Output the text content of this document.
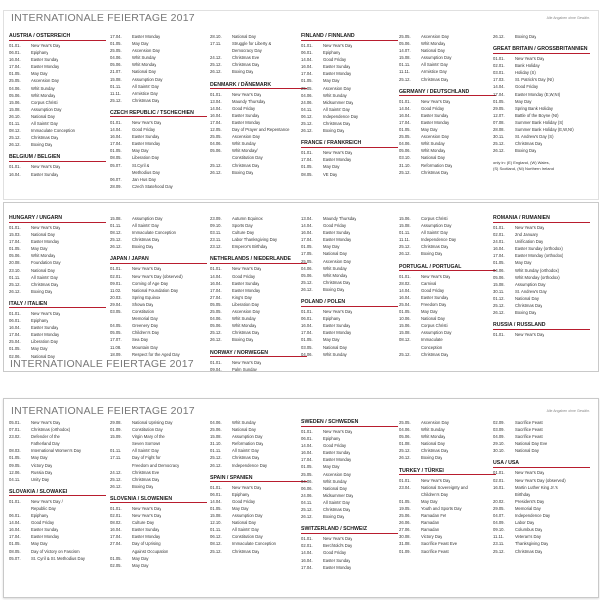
INTERNATIONALE FEIERTAGE 2017	Alle Angaben ohne Gewähr.
AUSTRIA / ÖSTERREICH
01.01.	New Year's Day
06.01.	Epiphany
16.04.	Easter Sunday
17.04.	Easter Monday
01.05.	May Day
25.05.	Ascension Day
04.06.	Whit Sunday
05.06.	Whit Monday
15.06.	Corpus Christi
15.08.	Assumption Day
26.10.	National Day
01.11.	All Saints' Day
08.12.	Immaculate Conception
25.12.	Christmas Day
26.12.	Boxing Day
BELGIUM / BELGIEN
01.01.	New Year's Day
16.04.	Easter Sunday
17.04.	Easter Monday
01.05.	May Day
25.05.	Ascension Day
04.06.	Whit Sunday
05.06.	Whit Monday
21.07.	National Day
15.08.	Assumption Day
01.11.	All Saints' Day
11.11.	Armistice Day
25.12.	Christmas Day
CZECH REPUBLIC / TSCHECHIEN
01.01.	New Year's Day
14.04.	Good Friday
16.04.	Easter Sunday
17.04.	Easter Monday
01.05.	May Day
08.05.	Liberation Day
05.07.	St.Cyril &
Methodius Day
06.07.	Jan Hus Day
28.09.	Czech Statehood Day
28.10.	National Day
17.11.	Struggle for Liberty &
Democracy Day
24.12.	Christmas Eve
25.12.	Christmas Day
26.12.	Boxing Day
DENMARK / DÄNEMARK
01.01.	New Year's Day
13.04.	Maundy Thursday
14.04.	Good Friday
16.04.	Easter Sunday
17.04.	Easter Monday
12.05.	Day of Prayer and Repentance
25.05.	Ascension Day
04.06.	Whit Sunday
05.06.	Whit Monday/
Constitution Day
25.12.	Christmas Day
26.12.	Boxing Day
FINLAND / FINNLAND
01.01.	New Year's Day
06.01.	Epiphany
14.04.	Good Friday
16.04.	Easter Sunday
17.04.	Easter Monday
01.05.	May Day
25.05.	Ascension Day
04.06.	Whit Sunday
24.06.	Midsummer Day
04.11.	All Saints' Day
06.12.	Independence Day
25.12.	Christmas Day
26.12.	Boxing Day
FRANCE / FRANKREICH
01.01.	New Year's Day
17.04.	Easter Monday
01.05.	May Day
08.05.	VE Day
25.05.	Ascension Day
05.06.	Whit Monday
14.07.	National Day
15.08.	Assumption Day
01.11.	All Saints' Day
11.11.	Armistice Day
25.12.	Christmas Day
GERMANY / DEUTSCHLAND
01.01.	New Year's Day
14.04.	Good Friday
16.04.	Easter Sunday
17.04.	Easter Monday
01.05.	May Day
25.05.	Ascension Day
04.06.	Whit Sunday
05.06.	Whit Monday
03.10.	National Day
31.10.	Reformation Day
25.12.	Christmas Day
26.12.	Boxing Day
GREAT BRITAIN / GROSSBRITANNIEN
01.01.	New Year's Day
02.01.	Bank Holiday
03.01.	Holiday (S)
17.03.	St. Patrick's Day (NI)
14.04.	Good Friday
17.04.	Easter Monday (E,W,NI)
01.05.	May Day
29.05.	Spring Bank Holiday
12.07.	Battle of the Boyne (NI)
07.08.	Summer Bank Holiday (S)
28.08.	Summer Bank Holiday (E,W,NI)
30.11.	St. Andrew's Day (S)
25.12.	Christmas Day
26.12.	Boxing Day
only in: (E) England, (W) Wales,
(S) Scotland, (NI) Northern Ireland
HUNGARY / UNGARN
01.01.	New Year's Day
15.03.	National Day
17.04.	Easter Monday
01.05.	May Day
05.06.	Whit Monday
20.08.	Foundation Day
23.10.	National Day
01.11.	All Saints' Day
25.12.	Christmas Day
26.12.	Boxing Day
ITALY / ITALIEN
01.01.	New Year's Day
06.01.	Epiphany
16.04.	Easter Sunday
17.04.	Easter Monday
25.04.	Liberation Day
01.05.	May Day
02.06.	National Day
15.08.	Assumption Day
01.11.	All Saints' Day
08.12.	Immaculate Conception
25.12.	Christmas Day
26.12.	Boxing Day
JAPAN / JAPAN
01.01.	New Year's Day
02.01.	New Year's Day (observed)
09.01.	Coming of Age Day
11.02.	National Foundation Day
20.03.	Spring Equinox
29.04.	Showa Day
03.05.	Constitution
Memorial Day
04.05.	Greenery Day
05.05.	Children's Day
17.07.	Sea Day
11.08.	Mountain Day
18.09.	Respect for the Aged Day
23.09.	Autumn Equinox
09.10.	Sports Day
03.11.	Culture Day
23.11.	Labor Thanksgiving Day
23.12.	Emperor's Birthday
NETHERLANDS / NIEDERLANDE
01.01.	New Year's Day
14.04.	Good Friday
16.04.	Easter Sunday
17.04.	Easter Monday
27.04.	King's Day
05.05.	Liberation Day
25.05.	Ascension Day
04.06.	Whit Sunday
05.06.	Whit Monday
25.12.	Christmas Day
26.12.	Boxing Day
NORWAY / NORWEGEN
01.01.	New Year's Day
09.04.	Palm Sunday
13.04.	Maundy Thursday
14.04.	Good Friday
16.04.	Easter Sunday
17.04.	Easter Monday
01.05.	May Day
17.05.	National Day
25.05.	Ascension Day
04.06.	Whit Sunday
05.06.	Whit Monday
25.12.	Christmas Day
26.12.	Boxing Day
POLAND / POLEN
01.01.	New Year's Day
06.01.	Epiphany
16.04.	Easter Sunday
17.04.	Easter Monday
01.05.	May Day
03.05.	National Day
04.06.	Whit Sunday
15.06.	Corpus Christi
15.08.	Assumption Day
01.11.	All Saints' Day
11.11.	Independence Day
25.12.	Christmas Day
26.12.	Boxing Day
PORTUGAL / PORTUGAL
01.01.	New Year's Day
28.02.	Carnival
14.04.	Good Friday
16.04.	Easter Sunday
25.04.	Freedom Day
01.05.	May Day
10.06.	National Day
15.06.	Corpus Christi
15.08.	Assumption Day
08.12.	Immaculate
Conception
25.12.	Christmas Day
ROMANIA / RUMÄNIEN
01.01.	New Year's Day
02.01.	2nd January
24.01.	Unification Day
16.04.	Easter Sunday (orthodox)
17.04.	Easter Monday (orthodox)
01.05.	May Day
04.06.	Whit Sunday (orthodox)
05.06.	Whit Monday (orthodox)
15.08.	Assumption Day
30.11.	St. Andrew's Day
01.12.	National Day
25.12.	Christmas Day
26.12.	Boxing Day
RUSSIA / RUSSLAND
01.01.	New Year's Day
INTERNATIONALE FEIERTAGE 2017
INTERNATIONALE FEIERTAGE 2017	Alle Angaben ohne Gewähr.
05.01.	New Year's Day
07.01.	Christmas (orthodox)
23.02.	Defender of the
Fatherland Day
08.03.	International Women's Day
01.05.	May Day
09.05.	Victory Day
12.06.	Russia Day
04.11.	Unity Day
SLOVAKIA / SLOWAKEI
01.01.	New Year's Day /
Republic Day
06.01.	Epiphany
14.04.	Good Friday
16.04.	Easter Sunday
17.04.	Easter Monday
01.05.	May Day
08.05.	Day of Victory on Fascism
05.07.	St. Cyril & St. Methodius Day
29.08.	National Uprising Day
01.09.	Constitution Day
15.09.	Virgin Mary of the
Seven Sorrows
01.11.	All Saints' Day
17.11.	Day of Fight for
Freedom and Democracy
24.12.	Christmas Eve
25.12.	Christmas Day
26.12.	Boxing Day
SLOVENIA / SLOWENIEN
01.01.	New Year's Day
02.01.	New Year's Day
08.02.	Culture Day
16.04.	Easter Sunday
17.04.	Easter Monday
27.04.	Day of Uprising
Against Occupation
01.05.	May Day
02.05.	May Day
04.06.	Whit Sunday
25.06.	National Day
15.08.	Assumption Day
31.10.	Reformation Day
01.11.	All Saints' Day
25.12.	Christmas Day
26.12.	Independence Day
SPAIN / SPANIEN
01.01.	New Year's Day
06.01.	Epiphany
14.04.	Good Friday
01.05.	May Day
15.08.	Assumption Day
12.10.	National Day
01.11.	All Saints' Day
06.12.	Constitution Day
08.12.	Immaculate Conception
25.12.	Christmas Day
SWEDEN / SCHWEDEN
01.01.	New Year's Day
06.01.	Epiphany
14.04.	Good Friday
16.04.	Easter Sunday
17.04.	Easter Monday
01.05.	May Day
25.05.	Ascension Day
04.06.	Whit Sunday
06.06.	National Day
24.06.	Midsummer Day
04.11.	All Saints' Day
25.12.	Christmas Day
26.12.	Boxing Day
SWITZERLAND / SCHWEIZ
01.01.	New Year's Day
02.01.	Berchtold's Day
14.04.	Good Friday
16.04.	Easter Sunday
17.04.	Easter Monday
25.05.	Ascension Day
04.06.	Whit Sunday
05.06.	Whit Monday
01.08.	National Day
25.12.	Christmas Day
26.12.	Boxing Day
TURKEY / TÜRKEI
01.01.	New Year's Day
23.04.	National Sovereignty and
Children's Day
01.05.	May Day
19.05.	Youth and Sports Day
25.06.	Ramadan Fet
26.06.	Ramadan
27.06.	Ramadan
30.08.	Victory Day
31.08.	Sacrifice Feast Eve
01.09.	Sacrifice Feast
02.09.	Sacrifice Feast
03.09.	Sacrifice Feast
04.09.	Sacrifice Feast
29.10.	National Day Eve
30.10.	National Day
USA / USA
01.01.	New Year's Day
02.01.	New Year's Day (observed)
16.01.	Martin Luther King Jr.'s
Birthday
20.02.	President's Day
29.05.	Memorial Day
04.07.	Independence Day
04.09.	Labor Day
09.10.	Columbus Day
11.11.	Veteran's Day
23.11.	Thanksgiving Day
25.12.	Christmas Day
